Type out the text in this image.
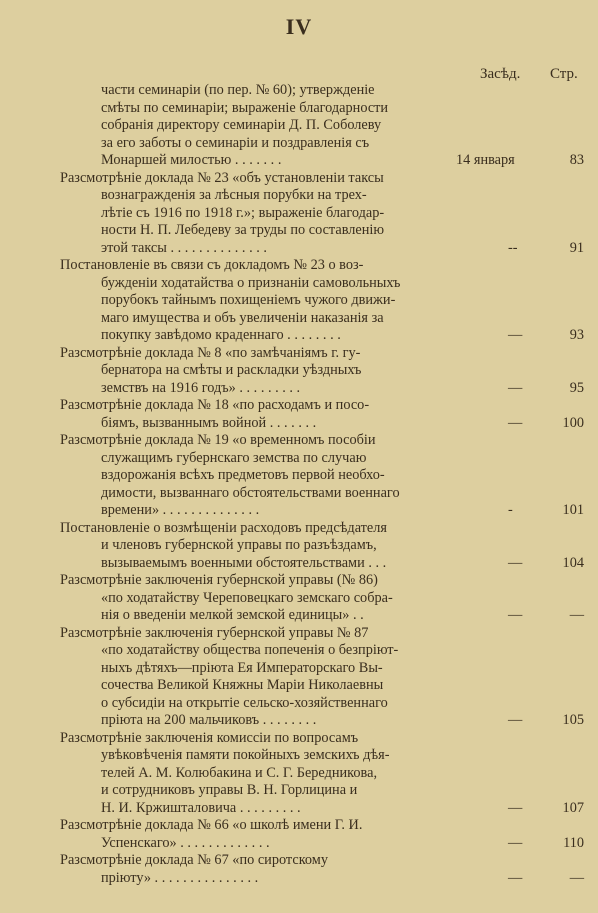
IV
Засѣд. Стр.
части семинаріи (по пер. № 60); утвержденіе
смѣты по семинаріи; выраженіе благодарности
собранія директору семинаріи Д. П. Соболеву
за его заботы о семинаріи и поздравленія съ
Монаршей милостью . . . . . . .	14 января	83
Разсмотрѣніе доклада № 23 «объ установленіи таксы
вознагражденія за лѣсныя порубки на трех-
лѣтіе съ 1916 по 1918 г.»; выраженіе благодар-
ности Н. П. Лебедеву за труды по составленію
этой таксы . . . . . . . . . . . . . .	--	91
Постановленіе въ связи съ докладомъ № 23 о воз-
бужденіи ходатайства о признаніи самовольныхъ
порубокъ тайнымъ похищеніемъ чужого движи-
маго имущества и объ увеличеніи наказанія за
покупку завѣдомо краденнаго . . . . . . . .	—	93
Разсмотрѣніе доклада № 8 «по замѣчаніямъ г. гу-
бернатора на смѣты и раскладки уѣздныхъ
земствъ на 1916 годъ» . . . . . . . . .	—	95
Разсмотрѣніе доклада № 18 «по расходамъ и посо-
біямъ, вызваннымъ войной . . . . . . .	—	100
Разсмотрѣніе доклада № 19 «о временномъ пособіи
служащимъ губернскаго земства по случаю
вздорожанія всѣхъ предметовъ первой необхо-
димости, вызваннаго обстоятельствами военнаго
времени» . . . . . . . . . . . . . .	-	101
Постановленіе о возмѣщеніи расходовъ предсѣдателя
и членовъ губернской управы по разъѣздамъ,
вызываемымъ военными обстоятельствами . . .	—	104
Разсмотрѣніе заключенія губернской управы (№ 86)
«по ходатайству Череповецкаго земскаго собра-
нія о введеніи мелкой земской единицы» . .	—	—
Разсмотрѣніе заключенія губернской управы № 87
«по ходатайству общества попеченія о безпрiют-
ныхъ дѣтяхъ—пріюта Ея Императорскаго Вы-
сочества Великой Княжны Маріи Николаевны
о субсидіи на открытіе сельско-хозяйственнаго
пріюта на 200 мальчиковъ . . . . . . . .	—	105
Разсмотрѣніе заключенія комиссіи по вопросамъ
увѣковѣченія памяти покойныхъ земскихъ дѣя-
телей А. М. Колюбакина и С. Г. Бередникова,
и сотрудниковъ управы В. Н. Горлицина и
Н. И. Кржишталовича . . . . . . . . .	—	107
Разсмотрѣніе доклада № 66 «о школѣ имени Г. И.
Успенскаго» . . . . . . . . . . . . .	—	110
Разсмотрѣніе доклада № 67 «по сиротскому
пріюту» . . . . . . . . . . . . . . .	—	—
